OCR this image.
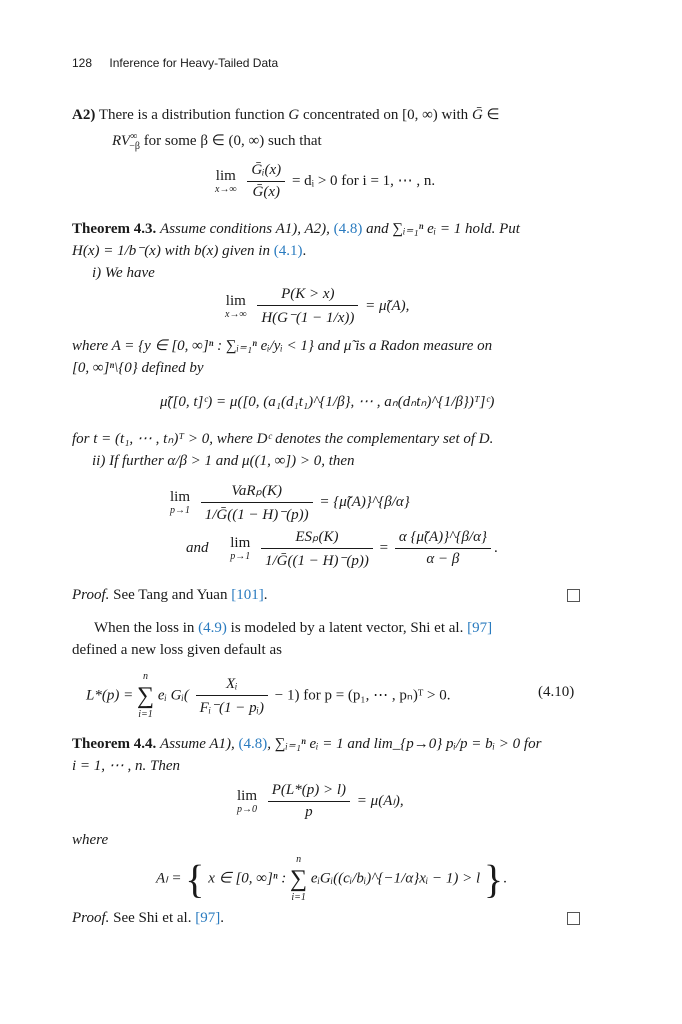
128 Inference for Heavy-Tailed Data
A2) There is a distribution function G concentrated on [0, ∞) with Ḡ ∈
$RV^\infty_{-\beta}$ for some β ∈ (0, ∞) such that
lim
x→∞
$\frac{\text{Ḡᵢ(x)}}{\text{Ḡ(x)}}$ = dᵢ > 0 for i = 1, ⋯ , n.
Theorem 4.3. Assume conditions A1), A2), (4.8) and ∑ᵢ₌₁ⁿ eᵢ = 1 hold. Put
H(x) = 1/b⁻(x) with b(x) given in (4.1).
i) We have
lim
x→∞
$\frac{P(K > x)}{H(G^-(1 - 1/x))}$ = μ̃(A),
where A = {y ∈ [0, ∞]ⁿ : ∑ᵢ₌₁ⁿ eᵢ/yᵢ < 1} and μ̃ is a Radon measure on
[0, ∞]ⁿ\{0} defined by
μ̃([0, t]ᶜ) = μ([0, (a₁(d₁t₁)^{1/β}, ⋯ , aₙ(dₙtₙ)^{1/β})ᵀ]ᶜ)
for t = (t₁, ⋯ , tₙ)ᵀ > 0, where Dᶜ denotes the complementary set of D.
ii) If further α/β > 1 and μ((1, ∞]) > 0, then
lim
p→1
$\frac{\text{VaRₚ(K)}}{\text{1/Ḡ((1 − H)⁻(p))}}$ = {μ̃(A)}^{β/α}
and lim
p→1
$\frac{\text{ESₚ(K)}}{\text{1/Ḡ((1 − H)⁻(p))}} = \frac{\alpha \{\mũ(A)\}\^{}\{\beta/\alpha\}}{\alpha - \beta}$ .
Proof. See Tang and Yuan [101].
When the loss in (4.9) is modeled by a latent vector, Shi et al. [97]
defined a new loss given default as
L*(p) =
n
∑
i=1
eᵢ Gᵢ( $\frac{\text{Xᵢ}}{\text{Fᵢ⁻(1 − pᵢ)}} - 1$) for p = (p₁, ⋯ , pₙ)ᵀ > 0.	(4.10)
Theorem 4.4. Assume A1), (4.8), ∑ᵢ₌₁ⁿ eᵢ = 1 and lim_{p→0} pᵢ/p = bᵢ > 0 for
i = 1, ⋯ , n. Then
lim
p→0
$\frac{P(L*(p) > l)}{p} = \mu(A_l)$,
where
Aₗ = { x ∈ [0, ∞]ⁿ :
n
∑
i=1
eᵢGᵢ((cᵢ/bᵢ)^{−1/α}xᵢ − 1) > l }.
Proof. See Shi et al. [97].
